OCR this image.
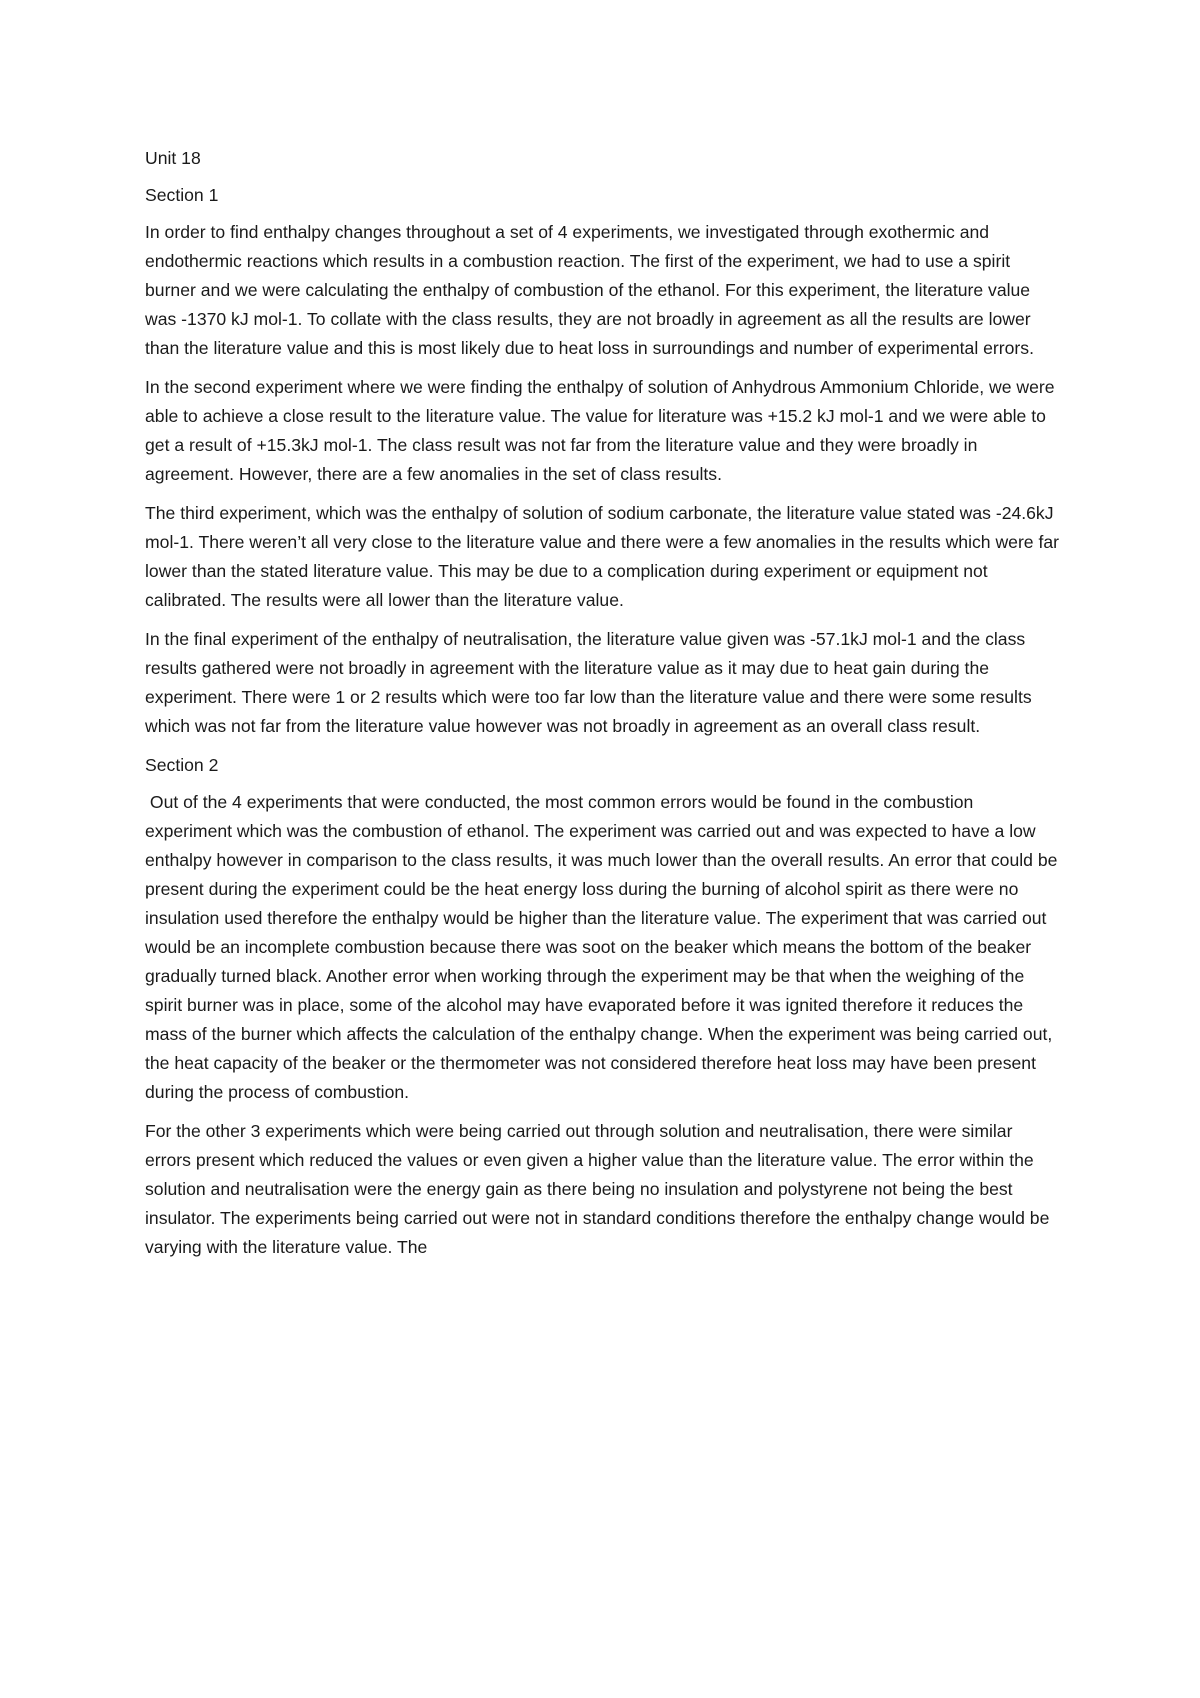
Unit 18

Section 1

In order to find enthalpy changes throughout a set of 4 experiments, we investigated through exothermic and endothermic reactions which results in a combustion reaction. The first of the experiment, we had to use a spirit burner and we were calculating the enthalpy of combustion of the ethanol. For this experiment, the literature value was -1370 kJ mol-1. To collate with the class results, they are not broadly in agreement as all the results are lower than the literature value and this is most likely due to heat loss in surroundings and number of experimental errors.

In the second experiment where we were finding the enthalpy of solution of Anhydrous Ammonium Chloride, we were able to achieve a close result to the literature value. The value for literature was +15.2 kJ mol-1 and we were able to get a result of +15.3kJ mol-1. The class result was not far from the literature value and they were broadly in agreement. However, there are a few anomalies in the set of class results.

The third experiment, which was the enthalpy of solution of sodium carbonate, the literature value stated was -24.6kJ mol-1. There weren’t all very close to the literature value and there were a few anomalies in the results which were far lower than the stated literature value. This may be due to a complication during experiment or equipment not calibrated. The results were all lower than the literature value.

In the final experiment of the enthalpy of neutralisation, the literature value given was -57.1kJ mol-1 and the class results gathered were not broadly in agreement with the literature value as it may due to heat gain during the experiment. There were 1 or 2 results which were too far low than the literature value and there were some results which was not far from the literature value however was not broadly in agreement as an overall class result.

Section 2

Out of the 4 experiments that were conducted, the most common errors would be found in the combustion experiment which was the combustion of ethanol. The experiment was carried out and was expected to have a low enthalpy however in comparison to the class results, it was much lower than the overall results. An error that could be present during the experiment could be the heat energy loss during the burning of alcohol spirit as there were no insulation used therefore the enthalpy would be higher than the literature value. The experiment that was carried out would be an incomplete combustion because there was soot on the beaker which means the bottom of the beaker gradually turned black. Another error when working through the experiment may be that when the weighing of the spirit burner was in place, some of the alcohol may have evaporated before it was ignited therefore it reduces the mass of the burner which affects the calculation of the enthalpy change. When the experiment was being carried out, the heat capacity of the beaker or the thermometer was not considered therefore heat loss may have been present during the process of combustion.

For the other 3 experiments which were being carried out through solution and neutralisation, there were similar errors present which reduced the values or even given a higher value than the literature value. The error within the solution and neutralisation were the energy gain as there being no insulation and polystyrene not being the best insulator. The experiments being carried out were not in standard conditions therefore the enthalpy change would be varying with the literature value. The
